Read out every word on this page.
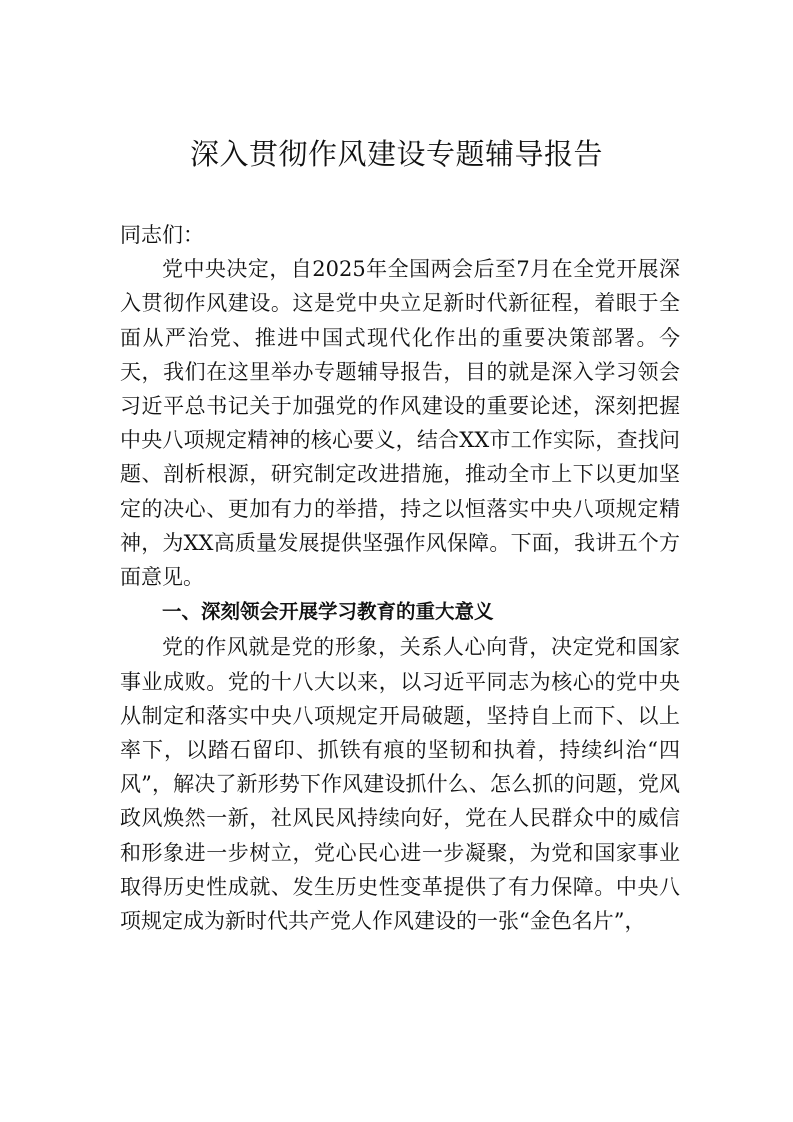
深入贯彻作风建设专题辅导报告

同志们：

党中央决定，自2025年全国两会后至7月在全党开展深入贯彻作风建设。这是党中央立足新时代新征程，着眼于全面从严治党、推进中国式现代化作出的重要决策部署。今天，我们在这里举办专题辅导报告，目的就是深入学习领会习近平总书记关于加强党的作风建设的重要论述，深刻把握中央八项规定精神的核心要义，结合XX市工作实际，查找问题、剖析根源，研究制定改进措施，推动全市上下以更加坚定的决心、更加有力的举措，持之以恒落实中央八项规定精神，为XX高质量发展提供坚强作风保障。下面，我讲五个方面意见。

一、深刻领会开展学习教育的重大意义

党的作风就是党的形象，关系人心向背，决定党和国家事业成败。党的十八大以来，以习近平同志为核心的党中央从制定和落实中央八项规定开局破题，坚持自上而下、以上率下，以踏石留印、抓铁有痕的坚韧和执着，持续纠治“四风”，解决了新形势下作风建设抓什么、怎么抓的问题，党风政风焕然一新，社风民风持续向好，党在人民群众中的威信和形象进一步树立，党心民心进一步凝聚，为党和国家事业取得历史性成就、发生历史性变革提供了有力保障。中央八项规定成为新时代共产党人作风建设的一张“金色名片”，
